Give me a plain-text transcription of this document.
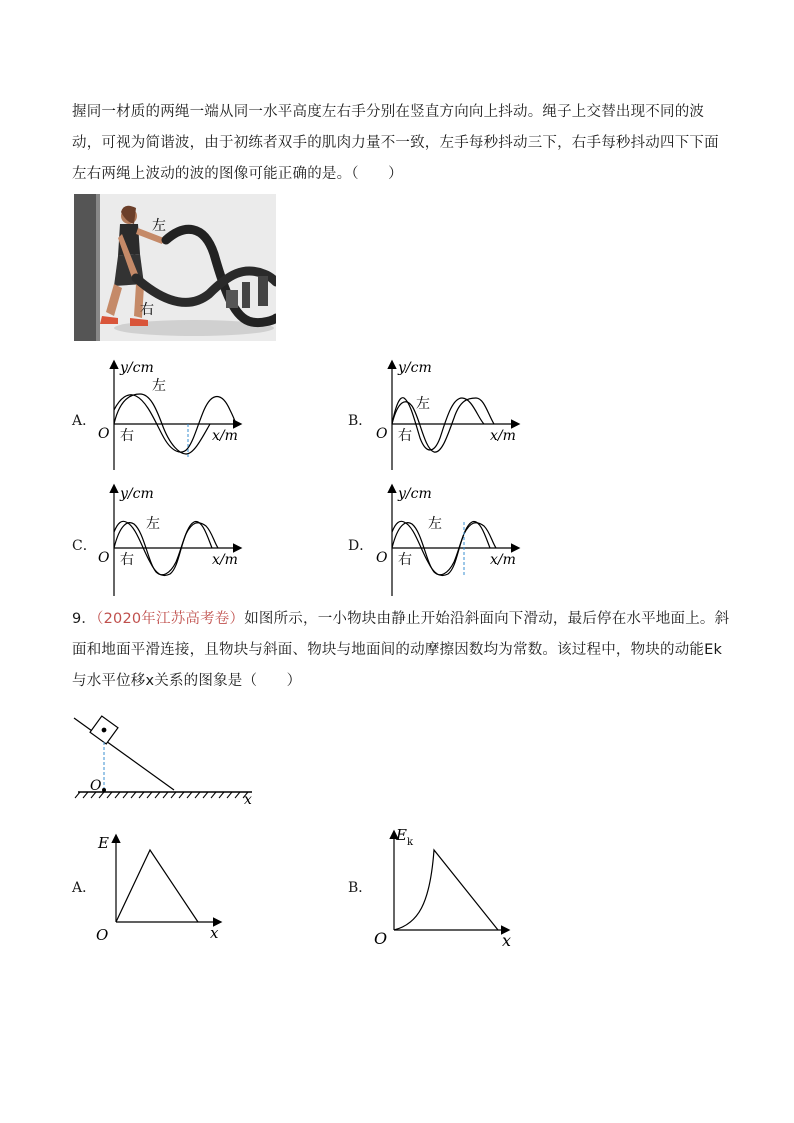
握同一材质的两绳一端从同一水平高度左右手分别在竖直方向向上抖动。绳子上交替出现不同的波动，可视为简谐波，由于初练者双手的肌肉力量不一致，左手每秒抖动三下，右手每秒抖动四下下面左右两绳上波动的波的图像可能正确的是。（　　）
左
右
A．	B．
C．	D．
y/cm
x/m
O
左
右
y/cm
x/m
O
左
右
y/cm
x/m
O
左
右
y/cm
x/m
O
左
右
9．（2020年江苏高考卷）如图所示，一小物块由静止开始沿斜面向下滑动，最后停在水平地面上。斜面和地面平滑连接，且物块与斜面、物块与地面间的动摩擦因数均为常数。该过程中，物块的动能Ek与水平位移x关系的图象是（　　）
O
x
A．	B．
E
x
O
$E_k$
x
O
